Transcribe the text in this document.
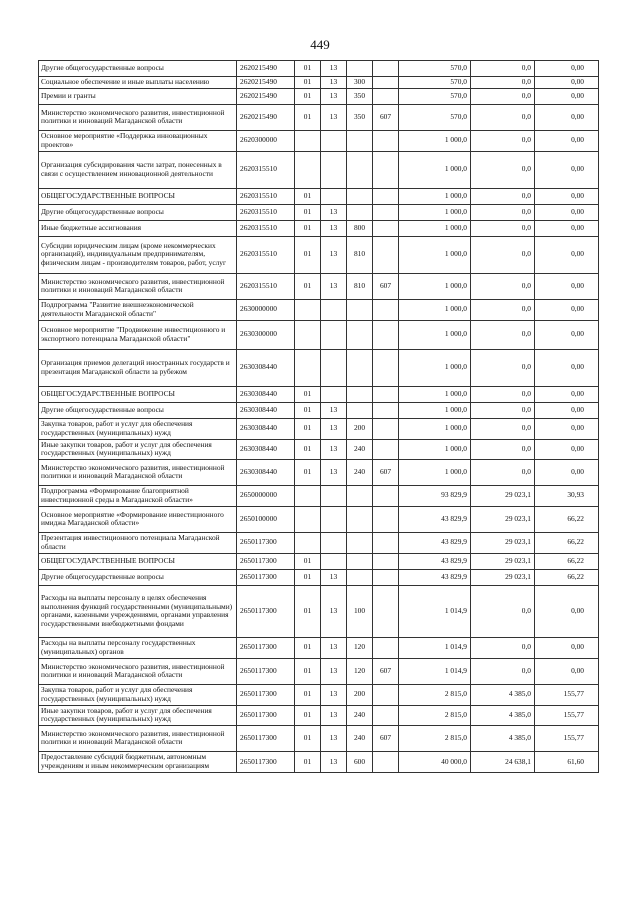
449
Другие общегосударственные вопросы	2620215490	01	13			570,0	0,0	0,00
Социальное обеспечение и иные выплаты населению	2620215490	01	13	300		570,0	0,0	0,00
Премии и гранты	2620215490	01	13	350		570,0	0,0	0,00
Министерство экономического развития, инвестиционной политики и инноваций Магаданской области	2620215490	01	13	350	607	570,0	0,0	0,00
Основное мероприятие «Поддержка инновационных проектов»	2620300000					1 000,0	0,0	0,00
Организация субсидирования части затрат, понесенных в связи с осуществлением инновационной деятельности	2620315510					1 000,0	0,0	0,00
ОБЩЕГОСУДАРСТВЕННЫЕ ВОПРОСЫ	2620315510	01				1 000,0	0,0	0,00
Другие общегосударственные вопросы	2620315510	01	13			1 000,0	0,0	0,00
Иные бюджетные ассигнования	2620315510	01	13	800		1 000,0	0,0	0,00
Субсидии юридическим лицам (кроме некоммерческих организаций), индивидуальным предпринимателям, физическим лицам - производителям товаров, работ, услуг	2620315510	01	13	810		1 000,0	0,0	0,00
Министерство экономического развития, инвестиционной политики и инноваций Магаданской области	2620315510	01	13	810	607	1 000,0	0,0	0,00
Подпрограмма "Развитие внешнеэкономической деятельности Магаданской области"	2630000000					1 000,0	0,0	0,00
Основное мероприятие "Продвижение инвестиционного и экспортного потенциала Магаданской области"	2630300000					1 000,0	0,0	0,00
Организация приемов делегаций иностранных государств и презентация Магаданской области за рубежом	2630308440					1 000,0	0,0	0,00
ОБЩЕГОСУДАРСТВЕННЫЕ ВОПРОСЫ	2630308440	01				1 000,0	0,0	0,00
Другие общегосударственные вопросы	2630308440	01	13			1 000,0	0,0	0,00
Закупка товаров, работ и услуг для обеспечения государственных (муниципальных) нужд	2630308440	01	13	200		1 000,0	0,0	0,00
Иные закупки товаров, работ и услуг для обеспечения государственных (муниципальных) нужд	2630308440	01	13	240		1 000,0	0,0	0,00
Министерство экономического развития, инвестиционной политики и инноваций Магаданской области	2630308440	01	13	240	607	1 000,0	0,0	0,00
Подпрограмма «Формирование благоприятной инвестиционной среды в Магаданской области»	2650000000					93 829,9	29 023,1	30,93
Основное мероприятие «Формирование инвестиционного имиджа Магаданской области»	2650100000					43 829,9	29 023,1	66,22
Презентация инвестиционного потенциала Магаданской области	2650117300					43 829,9	29 023,1	66,22
ОБЩЕГОСУДАРСТВЕННЫЕ ВОПРОСЫ	2650117300	01				43 829,9	29 023,1	66,22
Другие общегосударственные вопросы	2650117300	01	13			43 829,9	29 023,1	66,22
Расходы на выплаты персоналу в целях обеспечения выполнения функций государственными (муниципальными) органами, казенными учреждениями, органами управления государственными внебюджетными фондами	2650117300	01	13	100		1 014,9	0,0	0,00
Расходы на выплаты персоналу государственных (муниципальных) органов	2650117300	01	13	120		1 014,9	0,0	0,00
Министерство экономического развития, инвестиционной политики и инноваций Магаданской области	2650117300	01	13	120	607	1 014,9	0,0	0,00
Закупка товаров, работ и услуг для обеспечения государственных (муниципальных) нужд	2650117300	01	13	200		2 815,0	4 385,0	155,77
Иные закупки товаров, работ и услуг для обеспечения государственных (муниципальных) нужд	2650117300	01	13	240		2 815,0	4 385,0	155,77
Министерство экономического развития, инвестиционной политики и инноваций Магаданской области	2650117300	01	13	240	607	2 815,0	4 385,0	155,77
Предоставление субсидий бюджетным, автономным учреждениям и иным некоммерческим организациям	2650117300	01	13	600		40 000,0	24 638,1	61,60
